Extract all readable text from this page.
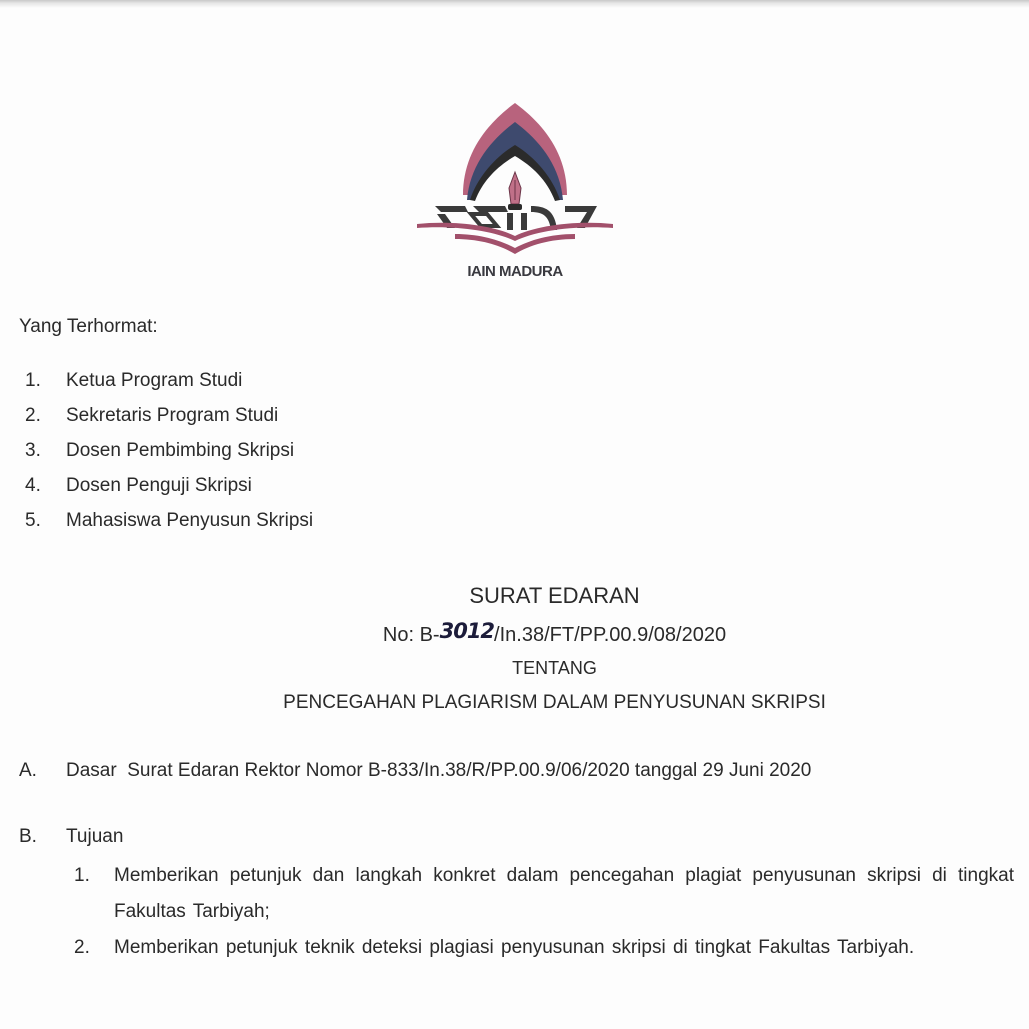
IAIN MADURA
Yang Terhormat:
1.	Ketua Program Studi
2.	Sekretaris Program Studi
3.	Dosen Pembimbing Skripsi
4.	Dosen Penguji Skripsi
5.	Mahasiswa Penyusun Skripsi
SURAT EDARAN
No: B-3012/In.38/FT/PP.00.9/08/2020
TENTANG
PENCEGAHAN PLAGIARISM DALAM PENYUSUNAN SKRIPSI
A.	Dasar  Surat Edaran Rektor Nomor B-833/In.38/R/PP.00.9/06/2020 tanggal 29 Juni 2020
B.	Tujuan
1.	Memberikan petunjuk dan langkah konkret dalam pencegahan plagiat penyusunan skripsi di tingkat Fakultas Tarbiyah;
2.	Memberikan petunjuk teknik deteksi plagiasi penyusunan skripsi di tingkat Fakultas Tarbiyah.
